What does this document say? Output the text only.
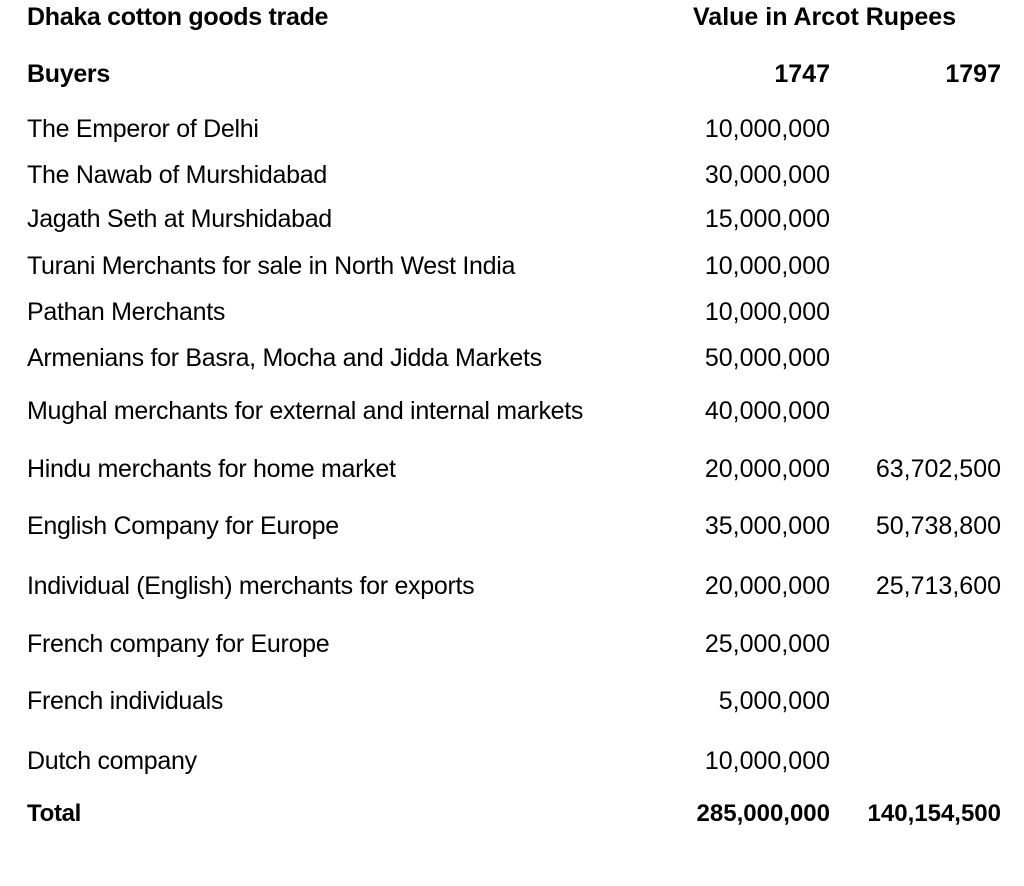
Dhaka cotton goods trade	Value in Arcot Rupees
Buyers	1747	1797
The Emperor of Delhi	10,000,000
The Nawab of Murshidabad	30,000,000
Jagath Seth at Murshidabad	15,000,000
Turani Merchants for sale in North West India	10,000,000
Pathan Merchants	10,000,000
Armenians for Basra, Mocha and Jidda Markets	50,000,000
Mughal merchants for external and internal markets	40,000,000
Hindu merchants for home market	20,000,000 63,702,500
English Company for Europe	35,000,000 50,738,800
Individual (English) merchants for exports	20,000,000 25,713,600
French company for Europe	25,000,000
French individuals	5,000,000
Dutch company	10,000,000
Total	285,000,000 140,154,500
